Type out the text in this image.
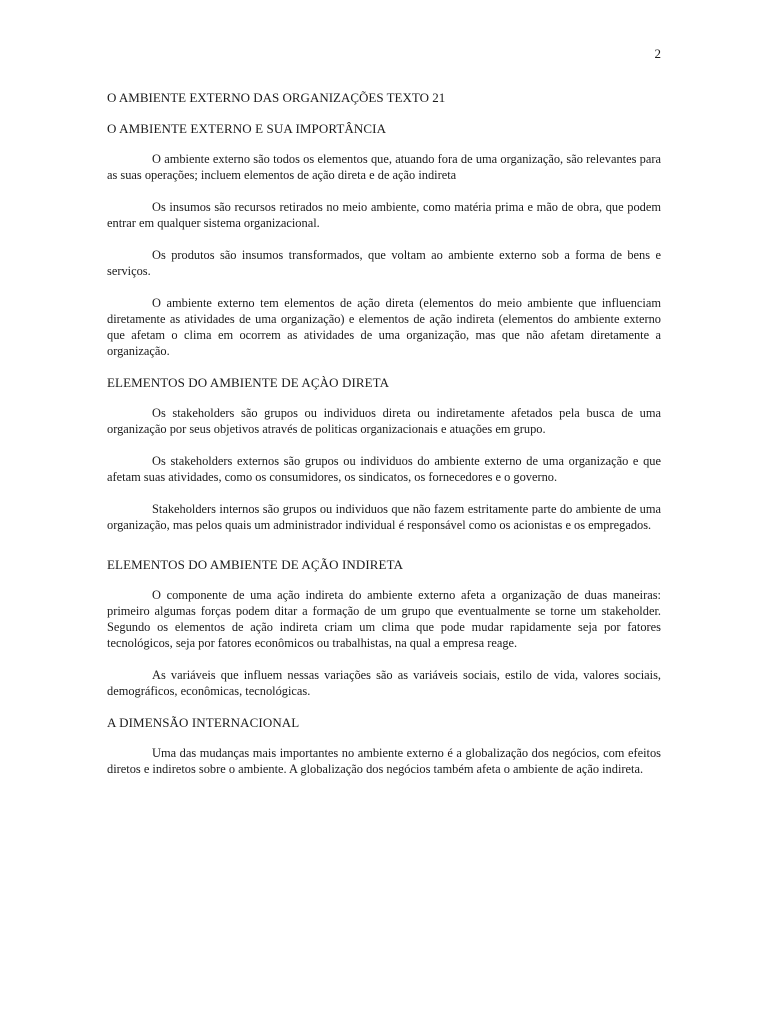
2
O AMBIENTE EXTERNO DAS ORGANIZAÇÕES TEXTO 21
O AMBIENTE EXTERNO E SUA IMPORTÂNCIA

O ambiente externo são todos os elementos que, atuando fora de uma organização, são relevantes para as suas operações; incluem elementos de ação direta e de ação indireta

Os insumos são recursos retirados no meio ambiente, como matéria prima e mão de obra, que podem entrar em qualquer sistema organizacional.

Os produtos são insumos transformados, que voltam ao ambiente externo sob a forma de bens e serviços.

O ambiente externo tem elementos de ação direta (elementos do meio ambiente que influenciam diretamente as atividades de uma organização) e elementos de ação indireta (elementos do ambiente externo que afetam o clima em ocorrem as atividades de uma organização, mas que não afetam diretamente a organização.

ELEMENTOS DO AMBIENTE DE AÇÀO DIRETA

Os stakeholders são grupos ou individuos direta ou indiretamente afetados pela busca de uma organização por seus objetivos através de politicas organizacionais e atuações em grupo.

Os stakeholders externos são grupos ou individuos do ambiente externo de uma organização e que afetam suas atividades, como os consumidores, os sindicatos, os fornecedores e o governo.

Stakeholders internos são grupos ou individuos que não fazem estritamente parte do ambiente de uma organização, mas pelos quais um administrador individual é responsável como os acionistas e os empregados.

ELEMENTOS DO AMBIENTE DE AÇÃO INDIRETA

O componente de uma ação indireta do ambiente externo afeta a organização de duas maneiras: primeiro algumas forças podem ditar a formação de um grupo que eventualmente se torne um stakeholder. Segundo os elementos de ação indireta criam um clima que pode mudar rapidamente seja por fatores tecnológicos, seja por fatores econômicos ou trabalhistas, na qual a empresa reage.

As variáveis que influem nessas variações são as variáveis sociais, estilo de vida, valores sociais, demográficos, econômicas, tecnológicas.

A DIMENSÃO INTERNACIONAL

Uma das mudanças mais importantes no ambiente externo é a globalização dos negócios, com efeitos diretos e indiretos sobre o ambiente. A globalização dos negócios também afeta o ambiente de ação indireta.
